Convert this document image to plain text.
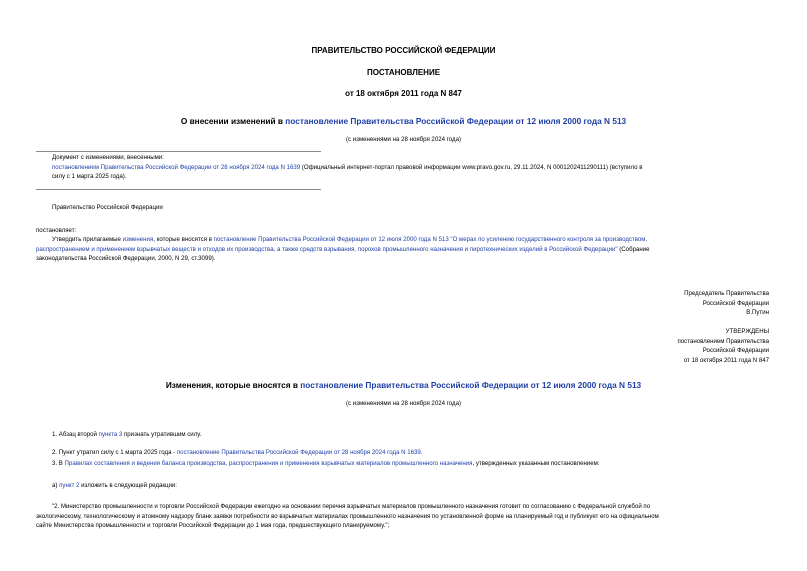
ПРАВИТЕЛЬСТВО РОССИЙСКОЙ ФЕДЕРАЦИИ
ПОСТАНОВЛЕНИЕ
от 18 октября 2011 года N 847
О внесении изменений в постановление Правительства Российской Федерации от 12 июля 2000 года N 513
(с изменениями на 28 ноября 2024 года)
Документ с изменениями, внесенными:
постановлением Правительства Российской Федерации от 28 ноября 2024 года N 1639 (Официальный интернет-портал правовой информации www.pravo.gov.ru, 29.11.2024, N 0001202411290111) (вступило в
силу с 1 марта 2025 года).
Правительство Российской Федерации
постановляет:
Утвердить прилагаемые изменения, которые вносятся в постановление Правительства Российской Федерации от 12 июля 2000 года N 513 "О мерах по усилению государственного контроля за производством,
распространением и применением взрывчатых веществ и отходов их производства, а также средств взрывания, порохов промышленного назначения и пиротехнических изделий в Российской Федерации" (Собрание
законодательства Российской Федерации, 2000, N 29, ст.3099).
Председатель Правительства
Российской Федерации
В.Путин
УТВЕРЖДЕНЫ
постановлением Правительства
Российской Федерации
от 18 октября 2011 года N 847
Изменения, которые вносятся в постановление Правительства Российской Федерации от 12 июля 2000 года N 513
(с изменениями на 28 ноября 2024 года)
1. Абзац второй пункта 3 признать утратившим силу.
2. Пункт утратил силу с 1 марта 2025 года - постановление Правительства Российской Федерации от 28 ноября 2024 года N 1639.
3. В Правилах составления и ведения баланса производства, распространения и применения взрывчатых материалов промышленного назначения, утвержденных указанным постановлением:
а) пункт 2 изложить в следующей редакции:
"2. Министерство промышленности и торговли Российской Федерации ежегодно на основании перечня взрывчатых материалов промышленного назначения готовит по согласованию с Федеральной службой по
экологическому, технологическому и атомному надзору бланк заявки потребности во взрывчатых материалах промышленного назначения по установленной форме на планируемый год и публикует его на официальном
сайте Министерства промышленности и торговли Российской Федерации до 1 мая года, предшествующего планируемому.";
